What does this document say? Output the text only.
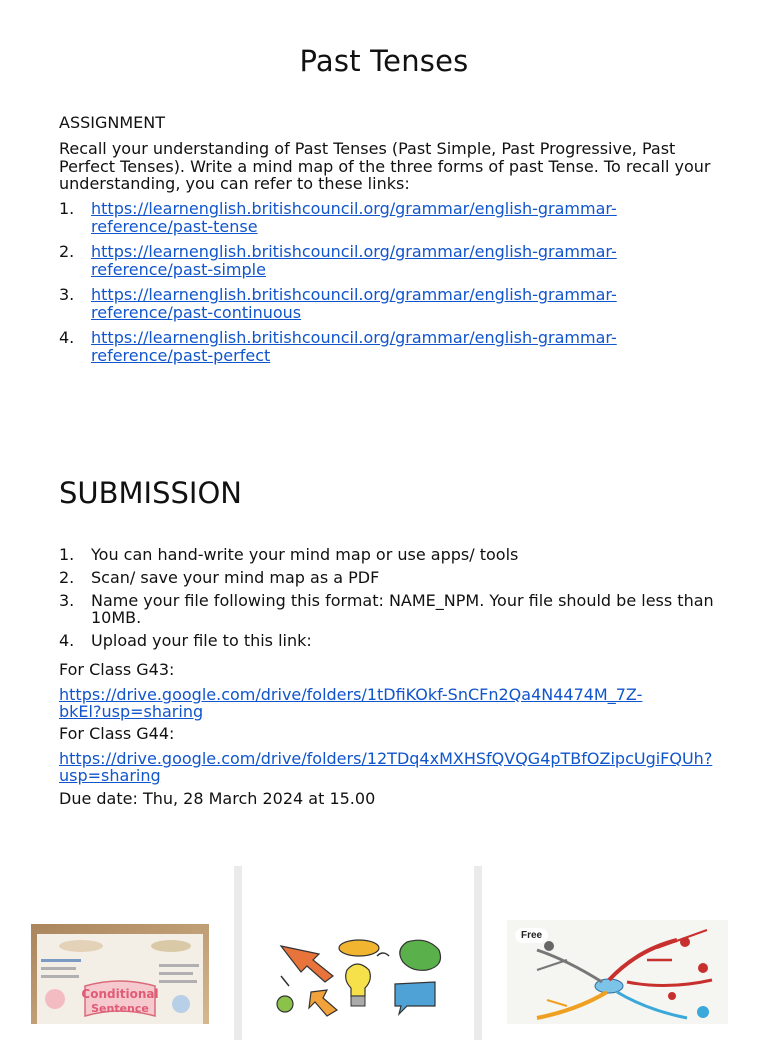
Past Tenses
ASSIGNMENT
Recall your understanding of Past Tenses (Past Simple, Past Progressive, Past Perfect Tenses). Write a mind map of the three forms of past Tense. To recall your understanding, you can refer to these links:
1. https://learnenglish.britishcouncil.org/grammar/english-grammar-
reference/past-tense
2. https://learnenglish.britishcouncil.org/grammar/english-grammar-
reference/past-simple
3. https://learnenglish.britishcouncil.org/grammar/english-grammar-
reference/past-continuous
4. https://learnenglish.britishcouncil.org/grammar/english-grammar-
reference/past-perfect
SUBMISSION
1. You can hand-write your mind map or use apps/ tools
2. Scan/ save your mind map as a PDF
3. Name your file following this format: NAME_NPM. Your file should be less than 10MB.
4. Upload your file to this link:
For Class G43:
https://drive.google.com/drive/folders/1tDfiKOkf-SnCFn2Qa4N4474M_7Z-
bkEl?usp=sharing
For Class G44:
https://drive.google.com/drive/folders/12TDq4xMXHSfQVQG4pTBfOZipcUgiFQUh?
usp=sharing
Due date: Thu, 28 March 2024 at 15.00
Conditional
Sentence
Free
